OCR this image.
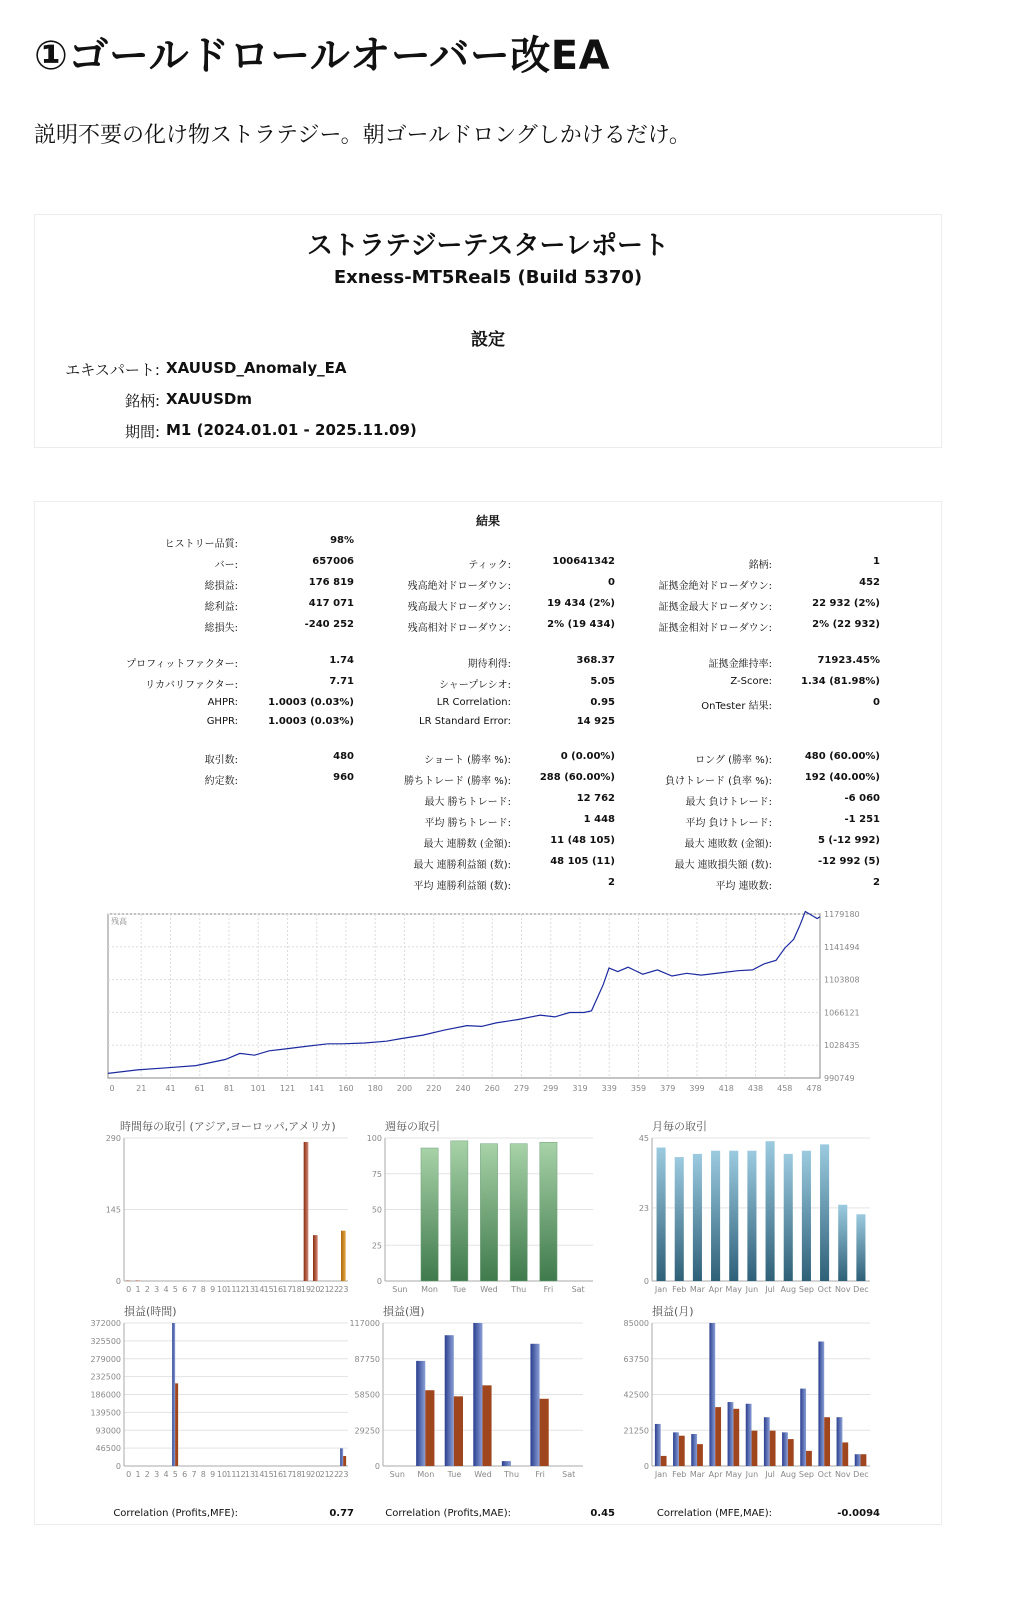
①ゴールドロールオーバー改EA
説明不要の化け物ストラテジー。朝ゴールドロングしかけるだけ。
ストラテジーテスターレポート
Exness-MT5Real5 (Build 5370)
設定
エキスパート: XAUUSD_Anomaly_EA
銘柄: XAUUSDm
期間: M1 (2024.01.01 - 2025.11.09)
結果
ヒストリー品質:	98%
バー:	657006	ティック:	100641342	銘柄:	1
総損益:	176 819	残高絶対ドローダウン:	0	証拠金絶対ドローダウン:	452
総利益:	417 071	残高最大ドローダウン:	19 434 (2%)	証拠金最大ドローダウン:	22 932 (2%)
総損失:	-240 252	残高相対ドローダウン:	2% (19 434)	証拠金相対ドローダウン:	2% (22 932)
プロフィットファクター:	1.74	期待利得:	368.37	証拠金維持率:	71923.45%
リカバリファクター:	7.71	シャープレシオ:	5.05	Z-Score:	1.34 (81.98%)
AHPR:	1.0003 (0.03%)	LR Correlation:	0.95	OnTester 結果:	0
GHPR:	1.0003 (0.03%)	LR Standard Error:	14 925
取引数:	480	ショート (勝率 %):	0 (0.00%)	ロング (勝率 %):	480 (60.00%)
約定数:	960	勝ちトレード (勝率 %):	288 (60.00%)	負けトレード (負率 %):	192 (40.00%)
最大 勝ちトレード:	12 762	最大 負けトレード:	-6 060
平均 勝ちトレード:	1 448	平均 負けトレード:	-1 251
最大 連勝数 (金額):	11 (48 105)	最大 連敗数 (金額):	5 (-12 992)
最大 連勝利益額 (数):	48 105 (11)	最大 連敗損失額 (数):	-12 992 (5)
平均 連勝利益額 (数):	2	平均 連敗数:	2
Correlation (Profits,MFE):	0.77	Correlation (Profits,MAE):	0.45	Correlation (MFE,MAE):	-0.0094
0	21 41 61 81 101 121 141 160 180 200 220 240 260 279 299 319 339 359 379 399 418 438 458 478
990749
1028435
1066121
1103808
1141494
1179180
残高
時間毎の取引 (アジア,ヨーロッパ,アメリカ)
0
145
290
0 1 2 3 4 5 6 7 8 9 10 11 12 13 14 15 16 17 18 19 20 21 22 23
週毎の取引
0
25
50
75
100
Sun Mon Tue Wed Thu Fri Sat
月毎の取引
0
23
45
Jan Feb Mar Apr May Jun Jul Aug Sep Oct Nov Dec
損益(時間)
0
46500
93000
139500
186000
232500
279000
325500
372000
0 1 2 3 4 5 6 7 8 9 10 11 12 13 14 15 16 17 18 19 20 21 22 23
損益(週)
0
29250
58500
87750
117000
Sun Mon Tue Wed Thu Fri Sat
損益(月)
0
21250
42500
63750
85000
Jan Feb Mar Apr May Jun Jul Aug Sep Oct Nov Dec
